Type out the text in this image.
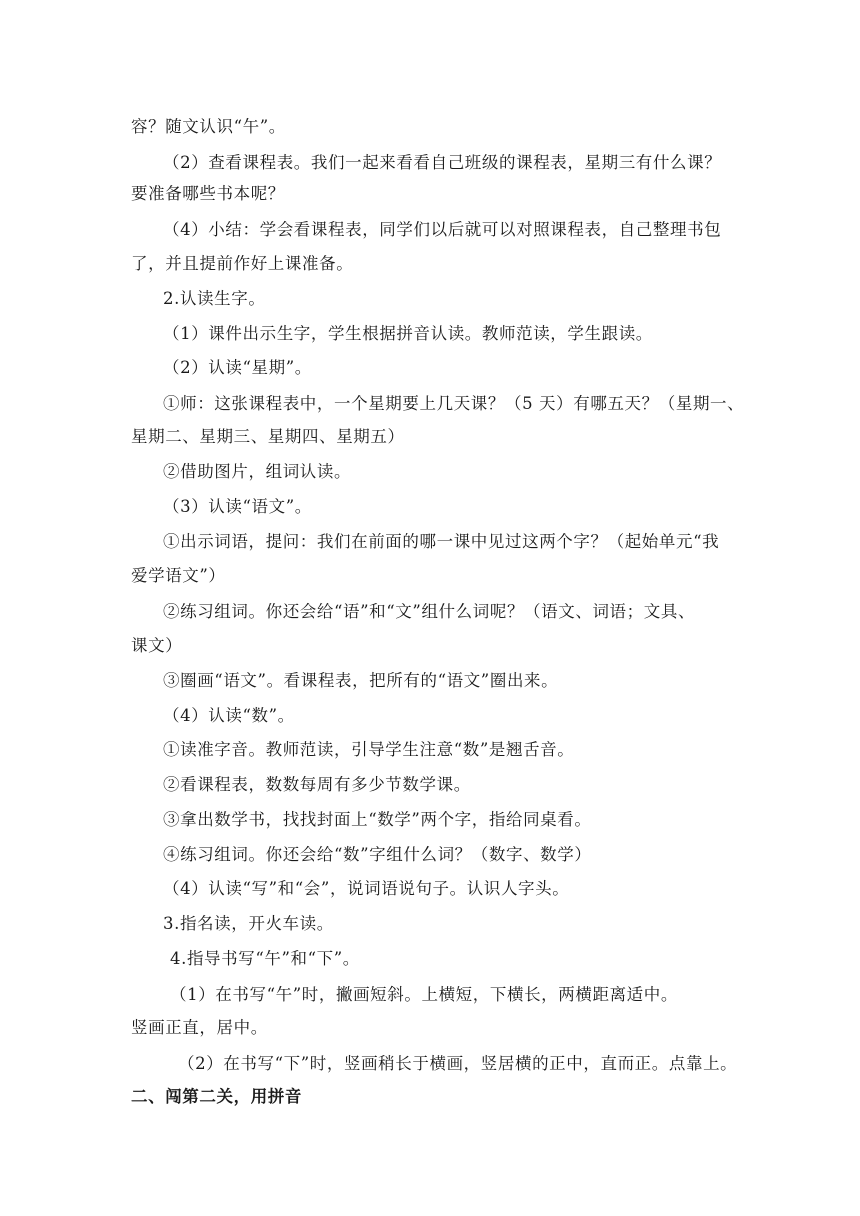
容？随文认识“午”。
（2）查看课程表。我们一起来看看自己班级的课程表，星期三有什么课？
要准备哪些书本呢？
（4）小结：学会看课程表，同学们以后就可以对照课程表，自己整理书包
了，并且提前作好上课准备。
2.认读生字。
（1）课件出示生字，学生根据拼音认读。教师范读，学生跟读。
（2）认读“星期”。
①师：这张课程表中，一个星期要上几天课？（5 天）有哪五天？（星期一、
星期二、星期三、星期四、星期五）
②借助图片，组词认读。
（3）认读“语文”。
①出示词语，提问：我们在前面的哪一课中见过这两个字？（起始单元“我
爱学语文”）
②练习组词。你还会给“语”和“文”组什么词呢？（语文、词语；文具、
课文）
③圈画“语文”。看课程表，把所有的“语文”圈出来。
（4）认读“数”。
①读准字音。教师范读，引导学生注意“数”是翘舌音。
②看课程表，数数每周有多少节数学课。
③拿出数学书，找找封面上“数学”两个字，指给同桌看。
④练习组词。你还会给“数”字组什么词？（数字、数学）
（4）认读“写”和“会”，说词语说句子。认识人字头。
3.指名读，开火车读。
4.指导书写“午”和“下”。
（1）在书写“午”时，撇画短斜。上横短，下横长，两横距离适中。
竖画正直，居中。
（2）在书写“下”时，竖画稍长于横画，竖居横的正中，直而正。点靠上。
二、闯第二关，用拼音
